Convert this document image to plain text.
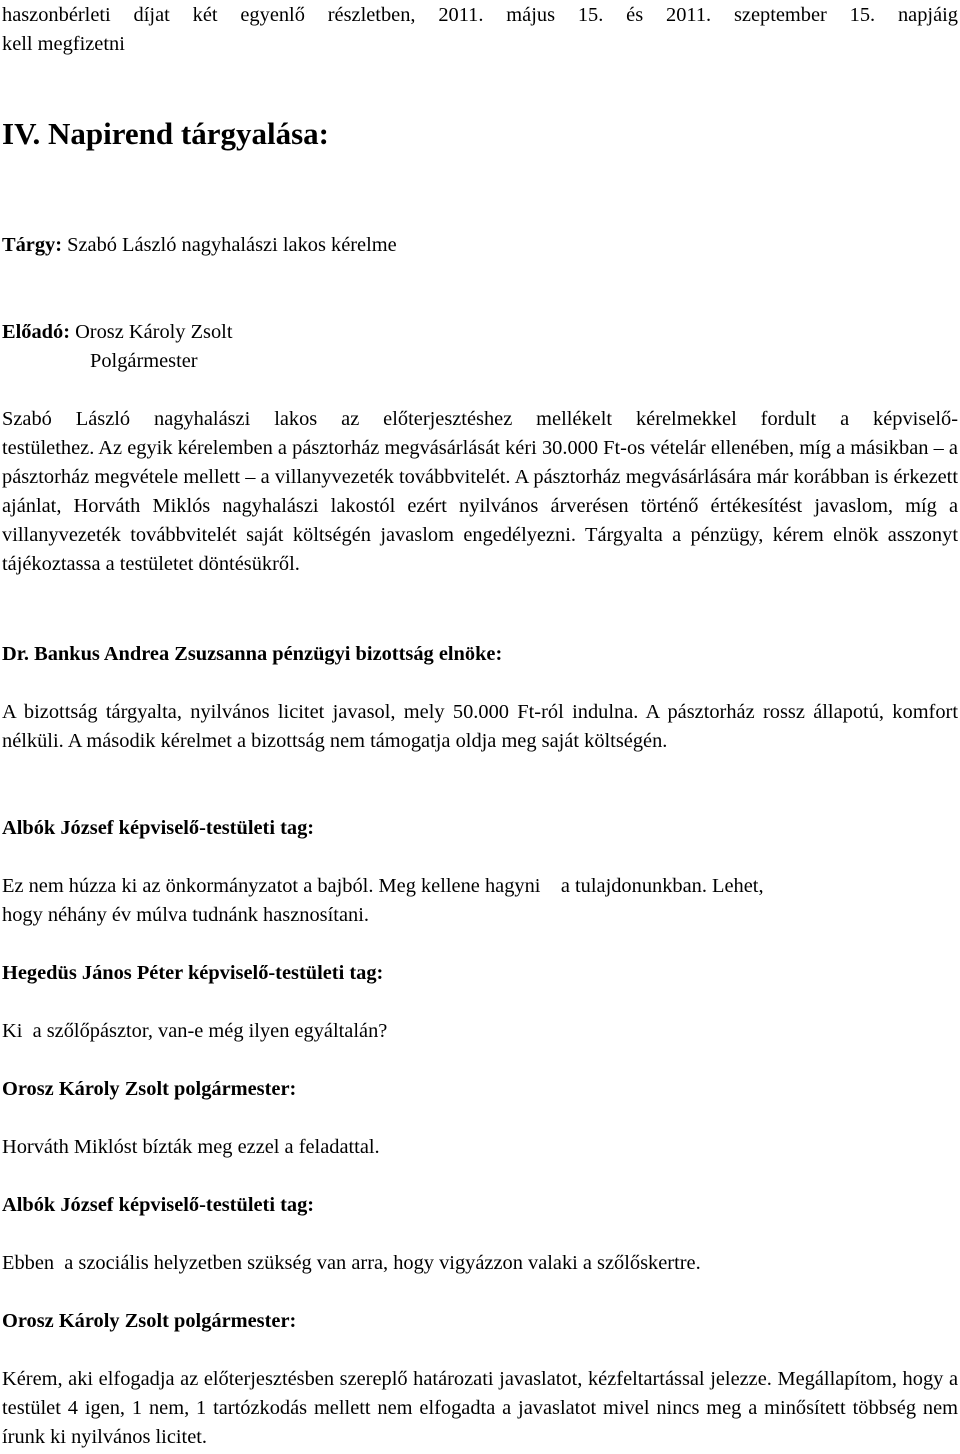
haszonbérleti díjat két egyenlő részletben, 2011. május 15. és 2011. szeptember 15. napjáig

kell megfizetni

IV. Napirend tárgyalása:

Tárgy: Szabó László nagyhalászi lakos kérelme

Előadó: Orosz Károly Zsolt

Polgármester

Szabó László nagyhalászi lakos az előterjesztéshez mellékelt kérelmekkel fordult a képviselő-

testülethez. Az egyik kérelemben a pásztorház megvásárlását kéri 30.000 Ft-os vételár ellenében, míg a másikban – a pásztorház megvétele mellett – a villanyvezeték továbbvitelét. A pásztorház megvásárlására már korábban is érkezett ajánlat, Horváth Miklós nagyhalászi lakostól ezért nyilvános árverésen történő értékesítést javaslom, míg a villanyvezeték továbbvitelét saját költségén javaslom engedélyezni. Tárgyalta a pénzügy, kérem elnök asszonyt tájékoztassa a testületet döntésükről.

Dr. Bankus Andrea Zsuzsanna pénzügyi bizottság elnöke:

A bizottság tárgyalta, nyilvános licitet javasol, mely 50.000 Ft-ról indulna. A pásztorház rossz állapotú, komfort nélküli. A második kérelmet a bizottság nem támogatja oldja meg saját költségén.

Albók József képviselő-testületi tag:

Ez nem húzza ki az önkormányzatot a bajból. Meg kellene hagyni    a tulajdonunkban. Lehet,

hogy néhány év múlva tudnánk hasznosítani.

Hegedüs János Péter képviselő-testületi tag:

Ki  a szőlőpásztor, van-e még ilyen egyáltalán?

Orosz Károly Zsolt polgármester:

Horváth Miklóst bízták meg ezzel a feladattal.

Albók József képviselő-testületi tag:

Ebben  a szociális helyzetben szükség van arra, hogy vigyázzon valaki a szőlőskertre.

Orosz Károly Zsolt polgármester:

Kérem, aki elfogadja az előterjesztésben szereplő határozati javaslatot, kézfeltartással jelezze. Megállapítom, hogy a testület 4 igen, 1 nem, 1 tartózkodás mellett nem elfogadta a javaslatot mivel nincs meg a minősített többség nem írunk ki nyilvános licitet.
